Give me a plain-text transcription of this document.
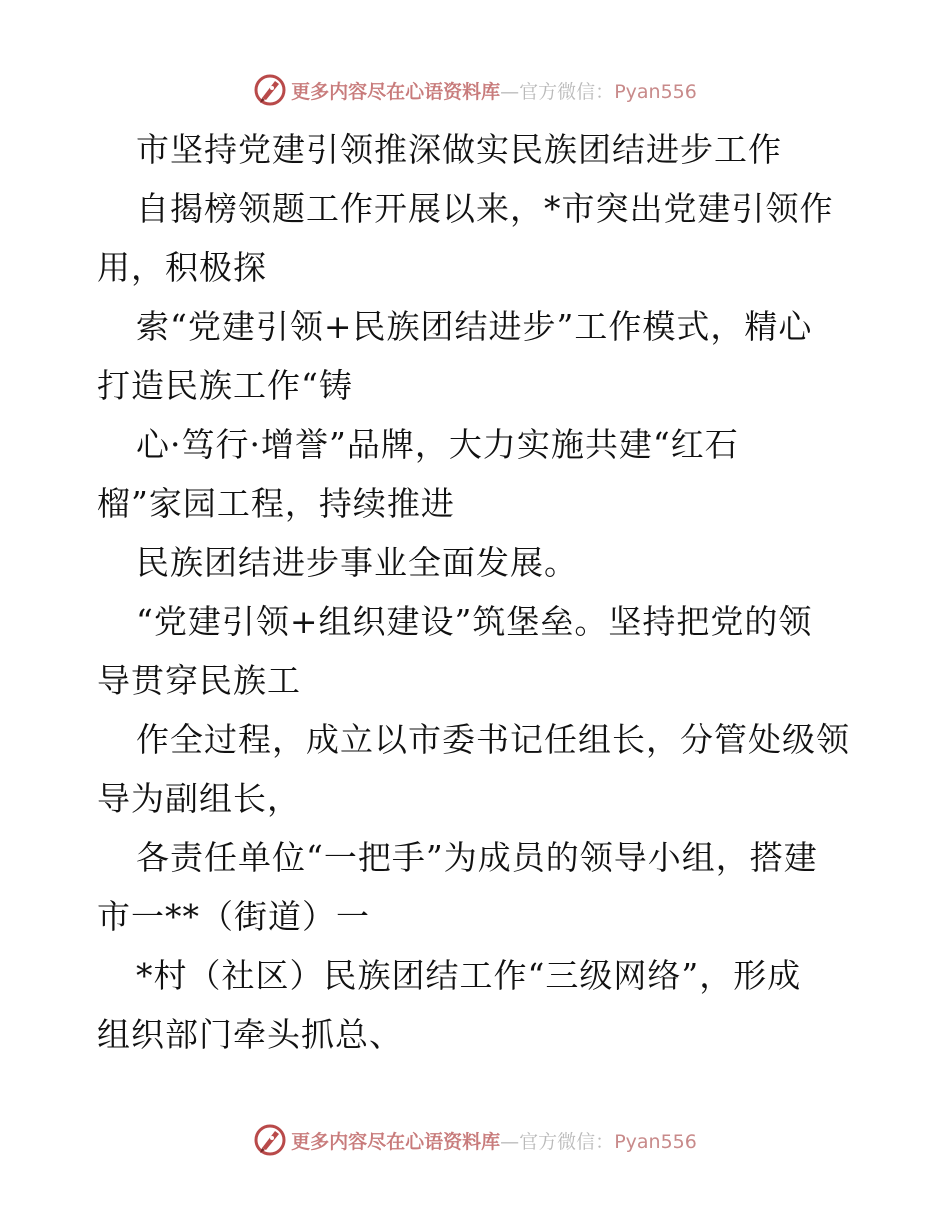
更多内容尽在心语资料库—官方微信：Pyan556
市坚持党建引领推深做实民族团结进步工作
自揭榜领题工作开展以来，*市突出党建引领作
用，积极探
索“党建引领+民族团结进步”工作模式，精心
打造民族工作“铸
心·笃行·增誉”品牌，大力实施共建“红石
榴”家园工程，持续推进
民族团结进步事业全面发展。
“党建引领+组织建设”筑堡垒。坚持把党的领
导贯穿民族工
作全过程，成立以市委书记任组长，分管处级领
导为副组长，
各责任单位“一把手”为成员的领导小组，搭建
市一**（街道）一
*村（社区）民族团结工作“三级网络”，形成
组织部门牵头抓总、
更多内容尽在心语资料库—官方微信：Pyan556
